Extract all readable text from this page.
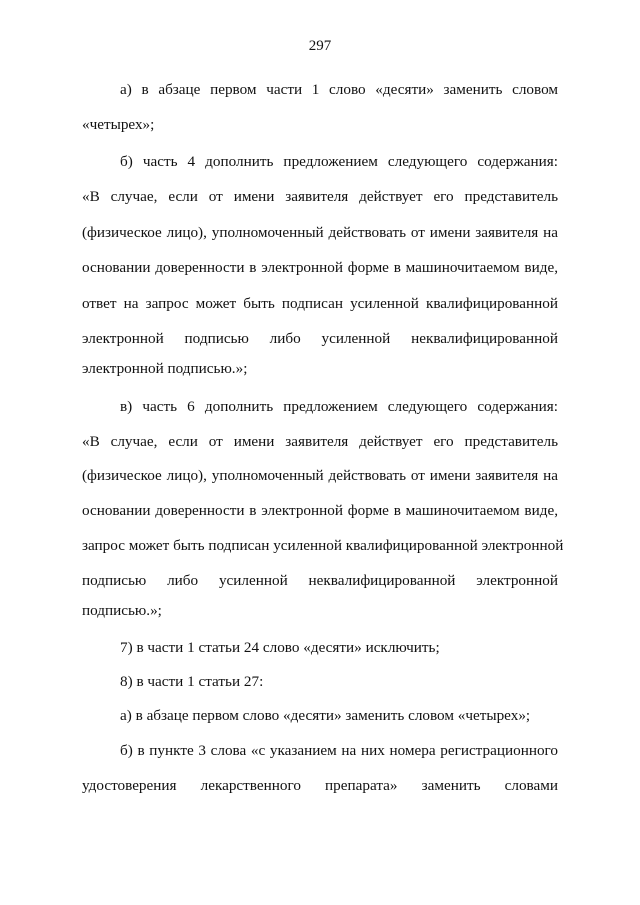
297
а) в абзаце первом части 1 слово «десяти» заменить словом
«четырех»;
б) часть 4 дополнить предложением следующего содержания:
«В случае, если от имени заявителя действует его представитель
(физическое лицо), уполномоченный действовать от имени заявителя на
основании доверенности в электронной форме в машиночитаемом виде,
ответ на запрос может быть подписан усиленной квалифицированной
электронной подписью либо усиленной неквалифицированной
электронной подписью.»;
в) часть 6 дополнить предложением следующего содержания:
«В случае, если от имени заявителя действует его представитель
(физическое лицо), уполномоченный действовать от имени заявителя на
основании доверенности в электронной форме в машиночитаемом виде,
запрос может быть подписан усиленной квалифицированной электронной
подписью либо усиленной неквалифицированной электронной
подписью.»;
7) в части 1 статьи 24 слово «десяти» исключить;
8) в части 1 статьи 27:
а) в абзаце первом слово «десяти» заменить словом «четырех»;
б) в пункте 3 слова «с указанием на них номера регистрационного
удостоверения лекарственного препарата» заменить словами
